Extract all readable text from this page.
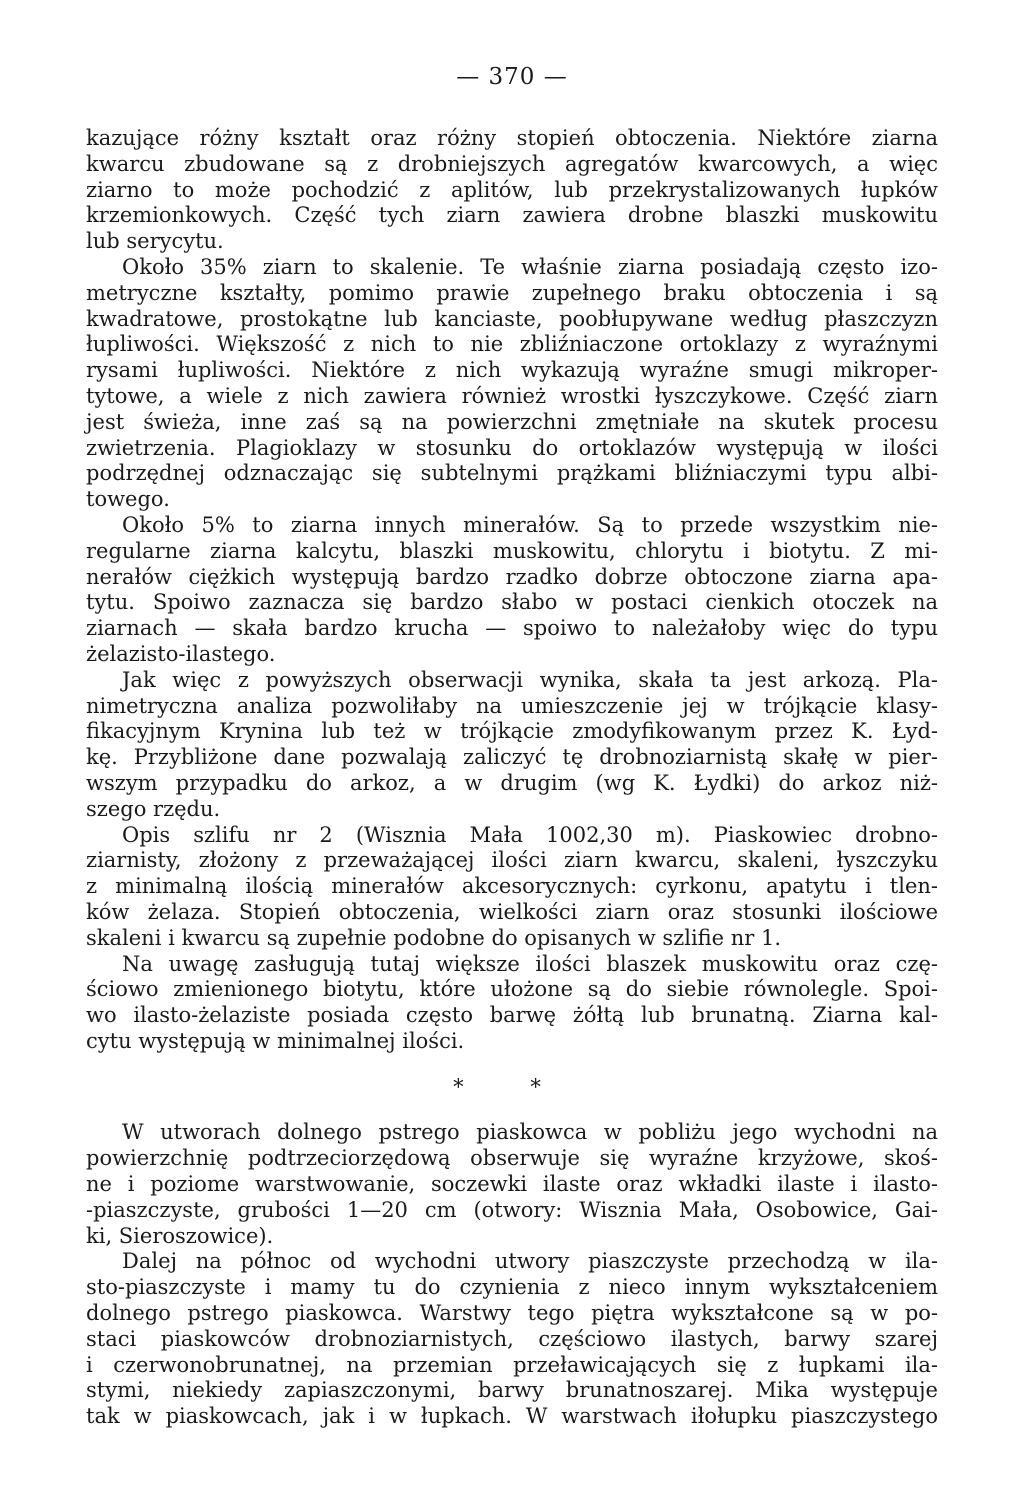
— 370 —
kazujące różny kształt oraz różny stopień obtoczenia. Niektóre ziarna
kwarcu zbudowane są z drobniejszych agregatów kwarcowych, a więc
ziarno to może pochodzić z aplitów, lub przekrystalizowanych łupków
krzemionkowych. Część tych ziarn zawiera drobne blaszki muskowitu
lub serycytu.
Około 35% ziarn to skalenie. Te właśnie ziarna posiadają często izo-
metryczne kształty, pomimo prawie zupełnego braku obtoczenia i są
kwadratowe, prostokątne lub kanciaste, poobłupywane według płaszczyzn
łupliwości. Większość z nich to nie zbliźniaczone ortoklazy z wyraźnymi
rysami łupliwości. Niektóre z nich wykazują wyraźne smugi mikroper-
tytowe, a wiele z nich zawiera również wrostki łyszczykowe. Część ziarn
jest świeża, inne zaś są na powierzchni zmętniałe na skutek procesu
zwietrzenia. Plagioklazy w stosunku do ortoklazów występują w ilości
podrzędnej odznaczając się subtelnymi prążkami bliźniaczymi typu albi-
towego.
Około 5% to ziarna innych minerałów. Są to przede wszystkim nie-
regularne ziarna kalcytu, blaszki muskowitu, chlorytu i biotytu. Z mi-
nerałów ciężkich występują bardzo rzadko dobrze obtoczone ziarna apa-
tytu. Spoiwo zaznacza się bardzo słabo w postaci cienkich otoczek na
ziarnach — skała bardzo krucha — spoiwo to należałoby więc do typu
żelazisto-ilastego.
Jak więc z powyższych obserwacji wynika, skała ta jest arkozą. Pla-
nimetryczna analiza pozwoliłaby na umieszczenie jej w trójkącie klasy-
fikacyjnym Krynina lub też w trójkącie zmodyfikowanym przez K. Łyd-
kę. Przybliżone dane pozwalają zaliczyć tę drobnoziarnistą skałę w pier-
wszym przypadku do arkoz, a w drugim (wg K. Łydki) do arkoz niż-
szego rzędu.
Opis szlifu nr 2 (Wisznia Mała 1002,30 m). Piaskowiec drobno-
ziarnisty, złożony z przeważającej ilości ziarn kwarcu, skaleni, łyszczyku
z minimalną ilością minerałów akcesorycznych: cyrkonu, apatytu i tlen-
ków żelaza. Stopień obtoczenia, wielkości ziarn oraz stosunki ilościowe
skaleni i kwarcu są zupełnie podobne do opisanych w szlifie nr 1.
Na uwagę zasługują tutaj większe ilości blaszek muskowitu oraz czę-
ściowo zmienionego biotytu, które ułożone są do siebie równolegle. Spoi-
wo ilasto-żelaziste posiada często barwę żółtą lub brunatną. Ziarna kal-
cytu występują w minimalnej ilości.
* *
W utworach dolnego pstrego piaskowca w pobliżu jego wychodni na
powierzchnię podtrzeciorzędową obserwuje się wyraźne krzyżowe, skoś-
ne i poziome warstwowanie, soczewki ilaste oraz wkładki ilaste i ilasto-
-piaszczyste, grubości 1—20 cm (otwory: Wisznia Mała, Osobowice, Gai-
ki, Sieroszowice).
Dalej na północ od wychodni utwory piaszczyste przechodzą w ila-
sto-piaszczyste i mamy tu do czynienia z nieco innym wykształceniem
dolnego pstrego piaskowca. Warstwy tego piętra wykształcone są w po-
staci piaskowców drobnoziarnistych, częściowo ilastych, barwy szarej
i czerwonobrunatnej, na przemian przeławicających się z łupkami ila-
stymi, niekiedy zapiaszczonymi, barwy brunatnoszarej. Mika występuje
tak w piaskowcach, jak i w łupkach. W warstwach iłołupku piaszczystego
